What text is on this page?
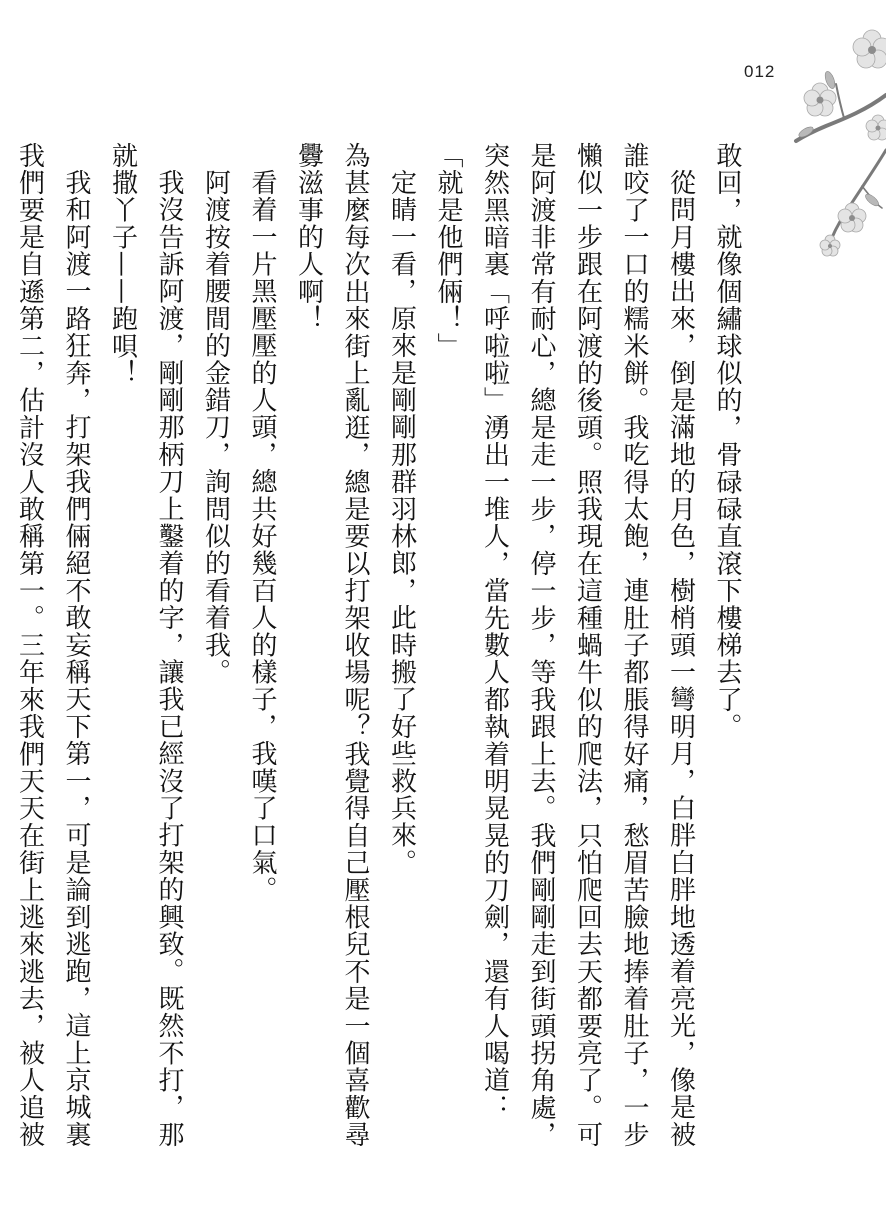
012

敢回，就像個繡球似的，骨碌碌直滾下樓梯去了。

從問月樓出來，倒是滿地的月色，樹梢頭一彎明月，白胖白胖地透着亮光，像是被誰咬了一口的糯米餅。我吃得太飽，連肚子都脹得好痛，愁眉苦臉地捧着肚子，一步懶似一步跟在阿渡的後頭。照我現在這種蝸牛似的爬法，只怕爬回去天都要亮了。可是阿渡非常有耐心，總是走一步，停一步，等我跟上去。我們剛剛走到街頭拐角處，突然黑暗裏「呼啦啦」湧出一堆人，當先數人都執着明晃晃的刀劍，還有人喝道：「就是他們倆！」

定睛一看，原來是剛剛那群羽林郎，此時搬了好些救兵來。

為甚麼每次出來街上亂逛，總是要以打架收場呢？我覺得自己壓根兒不是一個喜歡尋釁滋事的人啊！

看着一片黑壓壓的人頭，總共好幾百人的樣子，我嘆了口氣。

阿渡按着腰間的金錯刀，詢問似的看着我。

我沒告訴阿渡，剛剛那柄刀上鑿着的字，讓我已經沒了打架的興致。既然不打，那就撒丫子——跑唄！

我和阿渡一路狂奔，打架我們倆絕不敢妄稱天下第一，可是論到逃跑，這上京城裏我們要是自遜第二，估計沒人敢稱第一。三年來我們天天在街上逃來逃去，被人追被
